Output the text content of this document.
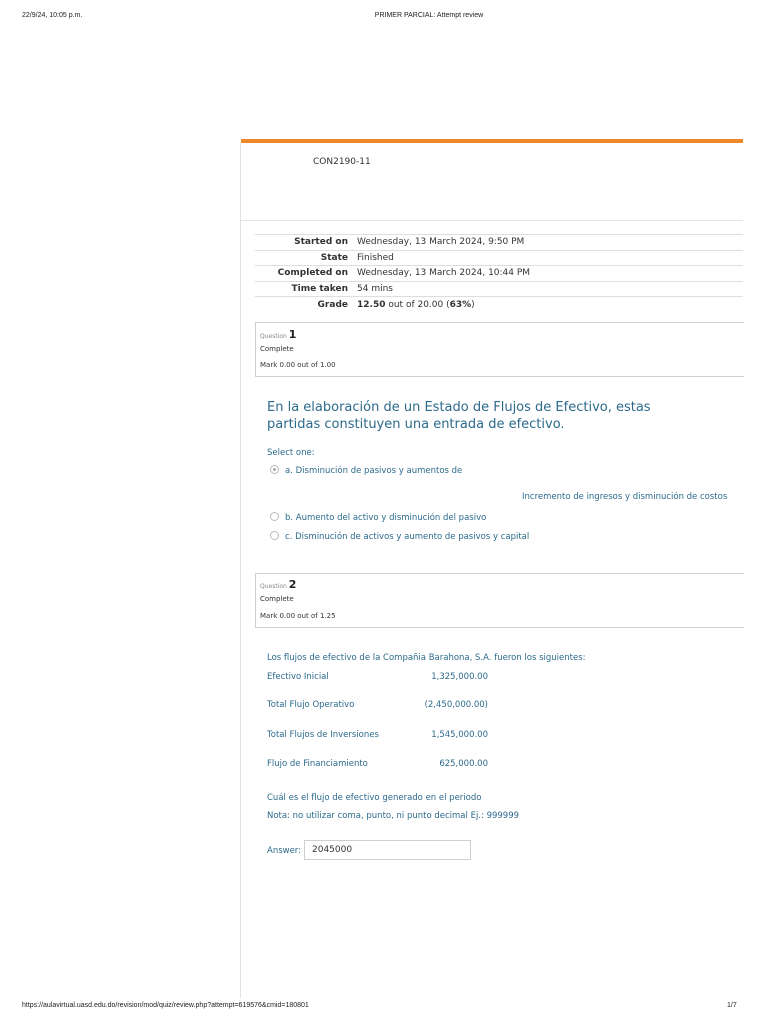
22/9/24, 10:05 p.m.	PRIMER PARCIAL: Attempt review
CON2190-11
Started on	Wednesday, 13 March 2024, 9:50 PM
State	Finished
Completed on	Wednesday, 13 March 2024, 10:44 PM
Time taken	54 mins
Grade	12.50 out of 20.00 (63%)
Question 1
Complete
Mark 0.00 out of 1.00
En la elaboración de un Estado de Flujos de Efectivo, estas partidas constituyen una entrada de efectivo.
Select one:
a. Disminución de pasivos y aumentos de
Incremento de ingresos y disminución de costos
b. Aumento del activo y disminución del pasivo
c. Disminución de activos y aumento de pasivos y capital
Question 2
Complete
Mark 0.00 out of 1.25
Los flujos de efectivo de la Compañia Barahona, S.A. fueron los siguientes:
Efectivo Inicial	1,325,000.00
Total Flujo Operativo	(2,450,000.00)
Total Flujos de Inversiones	1,545,000.00
Flujo de Financiamiento	625,000.00
Cuál es el flujo de efectivo generado en el periodo
Nota: no utilizar coma, punto, ni punto decimal Ej.: 999999
Answer:
2045000
https://aulavirtual.uasd.edu.do/revision/mod/quiz/review.php?attempt=619576&cmid=180801	1/7
